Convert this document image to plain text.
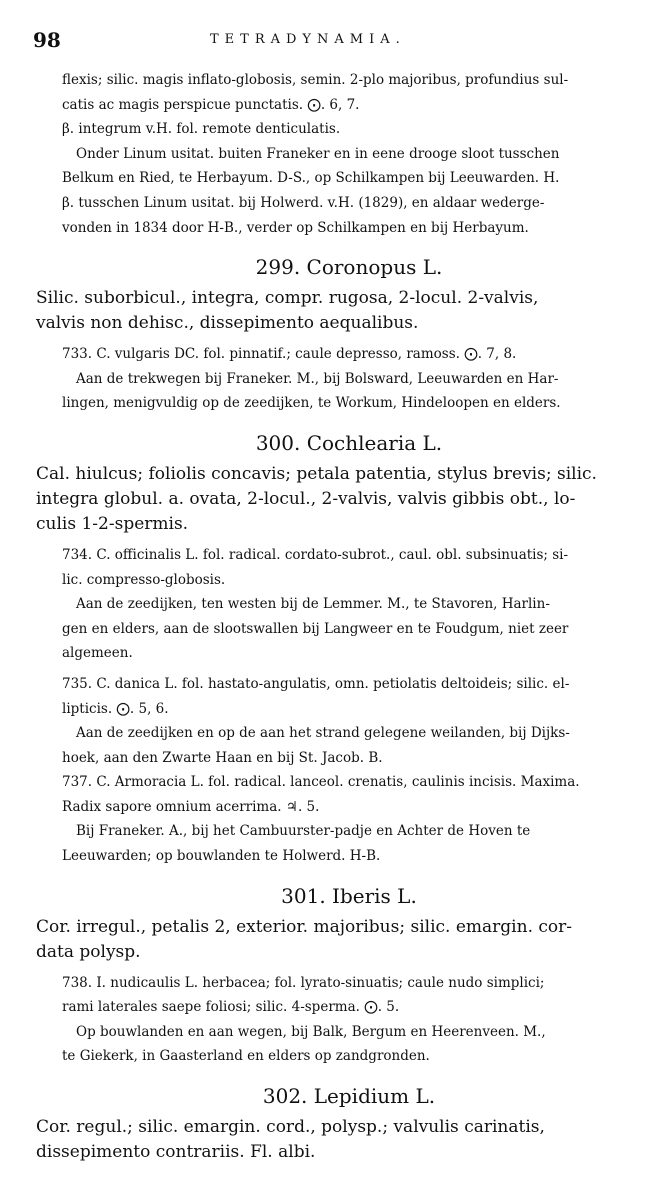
98	TETRADYNAMIA.
flexis; silic. magis inflato-globosis, semin. 2-plo majoribus, profundius sul-
catis ac magis perspicue punctatis. ⨀. 6, 7.
β. integrum v.H. fol. remote denticulatis.
Onder Linum usitat. buiten Franeker en in eene drooge sloot tusschen
Belkum en Ried, te Herbayum. D-S., op Schilkampen bij Leeuwarden. H.
β. tusschen Linum usitat. bij Holwerd. v.H. (1829), en aldaar wederge-
vonden in 1834 door H-B., verder op Schilkampen en bij Herbayum.
299. Coronopus L.
Silic. suborbicul., integra, compr. rugosa, 2-locul. 2-valvis,
valvis non dehisc., dissepimento aequalibus.
733. C. vulgaris DC. fol. pinnatif.; caule depresso, ramoss. ⨀. 7, 8.
Aan de trekwegen bij Franeker. M., bij Bolsward, Leeuwarden en Har-
lingen, menigvuldig op de zeedijken, te Workum, Hindeloopen en elders.
300. Cochlearia L.
Cal. hiulcus; foliolis concavis; petala patentia, stylus brevis; silic.
integra globul. a. ovata, 2-locul., 2-valvis, valvis gibbis obt., lo-
culis 1-2-spermis.
734. C. officinalis L. fol. radical. cordato-subrot., caul. obl. subsinuatis; si-
lic. compresso-globosis.
Aan de zeedijken, ten westen bij de Lemmer. M., te Stavoren, Harlin-
gen en elders, aan de slootswallen bij Langweer en te Foudgum, niet zeer
algemeen.
735. C. danica L. fol. hastato-angulatis, omn. petiolatis deltoideis; silic. el-
lipticis. ⨀. 5, 6.
Aan de zeedijken en op de aan het strand gelegene weilanden, bij Dijks-
hoek, aan den Zwarte Haan en bij St. Jacob. B.
737. C. Armoracia L. fol. radical. lanceol. crenatis, caulinis incisis. Maxima.
Radix sapore omnium acerrima. ♃. 5.
Bij Franeker. A., bij het Cambuurster-padje en Achter de Hoven te
Leeuwarden; op bouwlanden te Holwerd. H-B.
301. Iberis L.
Cor. irregul., petalis 2, exterior. majoribus; silic. emargin. cor-
data polysp.
738. I. nudicaulis L. herbacea; fol. lyrato-sinuatis; caule nudo simplici;
rami laterales saepe foliosi; silic. 4-sperma. ⨀. 5.
Op bouwlanden en aan wegen, bij Balk, Bergum en Heerenveen. M.,
te Giekerk, in Gaasterland en elders op zandgronden.
302. Lepidium L.
Cor. regul.; silic. emargin. cord., polysp.; valvulis carinatis,
dissepimento contrariis. Fl. albi.
